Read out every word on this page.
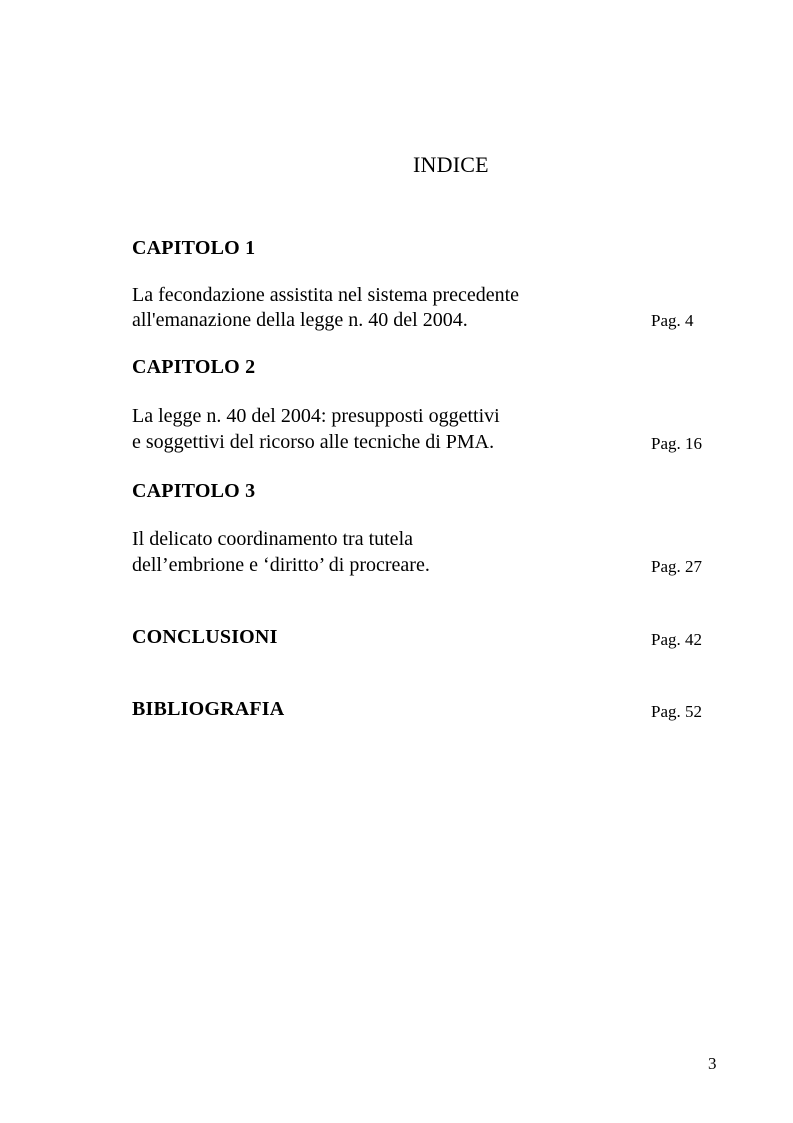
INDICE
CAPITOLO 1
La fecondazione assistita nel sistema precedente
all'emanazione della legge n. 40 del 2004.	Pag. 4
CAPITOLO 2
La legge n. 40 del 2004: presupposti oggettivi
e soggettivi del ricorso alle tecniche di PMA.	Pag. 16
CAPITOLO 3
Il delicato coordinamento tra tutela
dell’embrione e ‘diritto’ di procreare.	Pag. 27
CONCLUSIONI	Pag. 42
BIBLIOGRAFIA	Pag. 52
3
